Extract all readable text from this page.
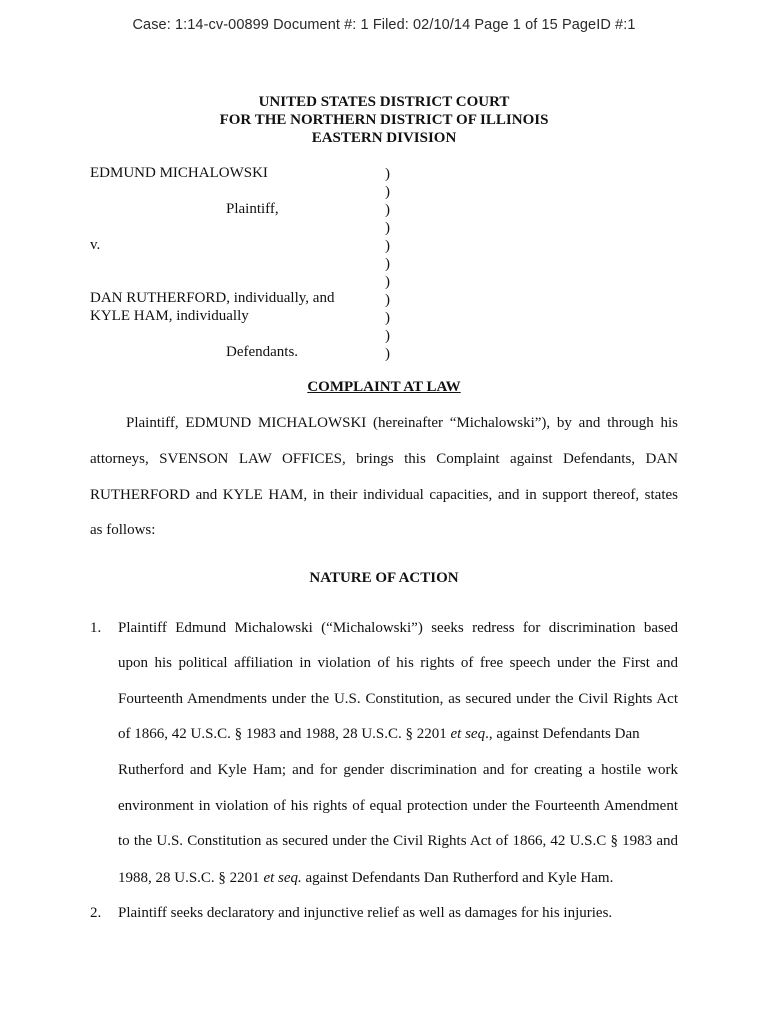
Case: 1:14-cv-00899 Document #: 1 Filed: 02/10/14 Page 1 of 15 PageID #:1
UNITED STATES DISTRICT COURT
FOR THE NORTHERN DISTRICT OF ILLINOIS
EASTERN DIVISION
EDMUND MICHALOWSKI
Plaintiff,
v.
DAN RUTHERFORD, individually, and
KYLE HAM, individually
Defendants.
)
)
)
)
)
)
)
)
)
)
)
COMPLAINT AT LAW
Plaintiff, EDMUND MICHALOWSKI (hereinafter “Michalowski”), by and through his
attorneys, SVENSON LAW OFFICES, brings this Complaint against Defendants, DAN
RUTHERFORD and KYLE HAM, in their individual capacities, and in support thereof, states
as follows:
NATURE OF ACTION
1. Plaintiff Edmund Michalowski (“Michalowski”) seeks redress for discrimination based
upon his political affiliation in violation of his rights of free speech under the First and
Fourteenth Amendments under the U.S. Constitution, as secured under the Civil Rights Act
of 1866, 42 U.S.C. § 1983 and 1988, 28 U.S.C. § 2201 et seq., against Defendants Dan
Rutherford and Kyle Ham; and for gender discrimination and for creating a hostile work
environment in violation of his rights of equal protection under the Fourteenth Amendment
to the U.S. Constitution as secured under the Civil Rights Act of 1866, 42 U.S.C § 1983 and
1988, 28 U.S.C. § 2201 et seq. against Defendants Dan Rutherford and Kyle Ham.
2. Plaintiff seeks declaratory and injunctive relief as well as damages for his injuries.
